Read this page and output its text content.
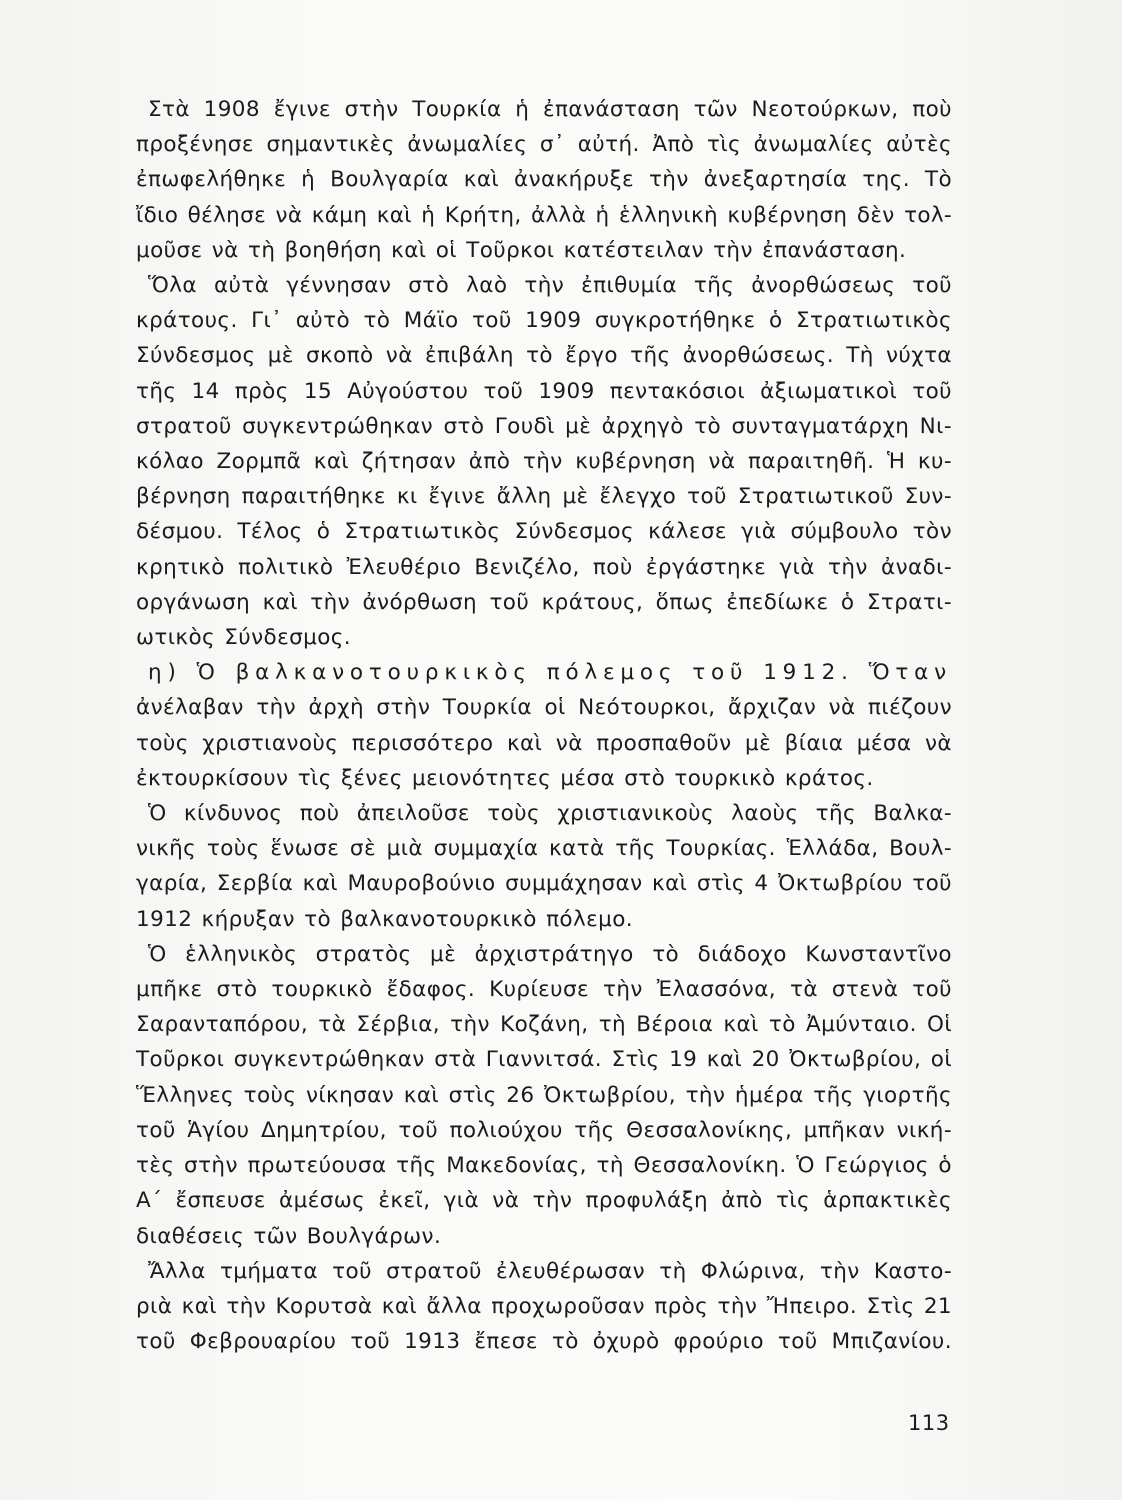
Στὰ 1908 ἔγινε στὴν Τουρκία ἡ ἐπανάσταση τῶν Νεοτούρκων, ποὺ
προξένησε σημαντικὲς ἀνωμαλίες σ᾿ αὐτή. Ἀπὸ τὶς ἀνωμαλίες αὐτὲς
ἐπωφελήθηκε ἡ Βουλγαρία καὶ ἀνακήρυξε τὴν ἀνεξαρτησία της. Τὸ
ἴδιο θέλησε νὰ κάμη καὶ ἡ Κρήτη, ἀλλὰ ἡ ἑλληνικὴ κυβέρνηση δὲν τολ-
μοῦσε νὰ τὴ βοηθήση καὶ οἱ Τοῦρκοι κατέστειλαν τὴν ἐπανάσταση.
Ὅλα αὐτὰ γέννησαν στὸ λαὸ τὴν ἐπιθυμία τῆς ἀνορθώσεως τοῦ
κράτους. Γι᾿ αὐτὸ τὸ Μάϊο τοῦ 1909 συγκροτήθηκε ὁ Στρατιωτικὸς
Σύνδεσμος μὲ σκοπὸ νὰ ἐπιβάλη τὸ ἔργο τῆς ἀνορθώσεως. Τὴ νύχτα
τῆς 14 πρὸς 15 Αὐγούστου τοῦ 1909 πεντακόσιοι ἀξιωματικοὶ τοῦ
στρατοῦ συγκεντρώθηκαν στὸ Γουδὶ μὲ ἀρχηγὸ τὸ συνταγματάρχη Νι-
κόλαο Ζορμπᾶ καὶ ζήτησαν ἀπὸ τὴν κυβέρνηση νὰ παραιτηθῆ. Ἡ κυ-
βέρνηση παραιτήθηκε κι ἔγινε ἄλλη μὲ ἔλεγχο τοῦ Στρατιωτικοῦ Συν-
δέσμου. Τέλος ὁ Στρατιωτικὸς Σύνδεσμος κάλεσε γιὰ σύμβουλο τὸν
κρητικὸ πολιτικὸ Ἐλευθέριο Βενιζέλο, ποὺ ἐργάστηκε γιὰ τὴν ἀναδι-
οργάνωση καὶ τὴν ἀνόρθωση τοῦ κράτους, ὅπως ἐπεδίωκε ὁ Στρατι-
ωτικὸς Σύνδεσμος.
η) Ὁ βαλκανοτουρκικὸς πόλεμος τοῦ 1912. Ὅταν
ἀνέλαβαν τὴν ἀρχὴ στὴν Τουρκία οἱ Νεότουρκοι, ἄρχιζαν νὰ πιέζουν
τοὺς χριστιανοὺς περισσότερο καὶ νὰ προσπαθοῦν μὲ βίαια μέσα νὰ
ἐκτουρκίσουν τὶς ξένες μειονότητες μέσα στὸ τουρκικὸ κράτος.
Ὁ κίνδυνος ποὺ ἀπειλοῦσε τοὺς χριστιανικοὺς λαοὺς τῆς Βαλκα-
νικῆς τοὺς ἕνωσε σὲ μιὰ συμμαχία κατὰ τῆς Τουρκίας. Ἑλλάδα, Βουλ-
γαρία, Σερβία καὶ Μαυροβούνιο συμμάχησαν καὶ στὶς 4 Ὀκτωβρίου τοῦ
1912 κήρυξαν τὸ βαλκανοτουρκικὸ πόλεμο.
Ὁ ἑλληνικὸς στρατὸς μὲ ἀρχιστράτηγο τὸ διάδοχο Κωνσταντῖνο
μπῆκε στὸ τουρκικὸ ἔδαφος. Κυρίευσε τὴν Ἐλασσόνα, τὰ στενὰ τοῦ
Σαρανταπόρου, τὰ Σέρβια, τὴν Κοζάνη, τὴ Βέροια καὶ τὸ Ἀμύνταιο. Οἱ
Τοῦρκοι συγκεντρώθηκαν στὰ Γιαννιτσά. Στὶς 19 καὶ 20 Ὀκτωβρίου, οἱ
Ἕλληνες τοὺς νίκησαν καὶ στὶς 26 Ὀκτωβρίου, τὴν ἡμέρα τῆς γιορτῆς
τοῦ Ἁγίου Δημητρίου, τοῦ πολιούχου τῆς Θεσσαλονίκης, μπῆκαν νική-
τὲς στὴν πρωτεύουσα τῆς Μακεδονίας, τὴ Θεσσαλονίκη. Ὁ Γεώργιος ὁ
Α΄ ἔσπευσε ἀμέσως ἐκεῖ, γιὰ νὰ τὴν προφυλάξη ἀπὸ τὶς ἁρπακτικὲς
διαθέσεις τῶν Βουλγάρων.
Ἄλλα τμήματα τοῦ στρατοῦ ἐλευθέρωσαν τὴ Φλώρινα, τὴν Καστο-
ριὰ καὶ τὴν Κορυτσὰ καὶ ἄλλα προχωροῦσαν πρὸς τὴν Ἤπειρο. Στὶς 21
τοῦ Φεβρουαρίου τοῦ 1913 ἔπεσε τὸ ὀχυρὸ φρούριο τοῦ Μπιζανίου.
113
